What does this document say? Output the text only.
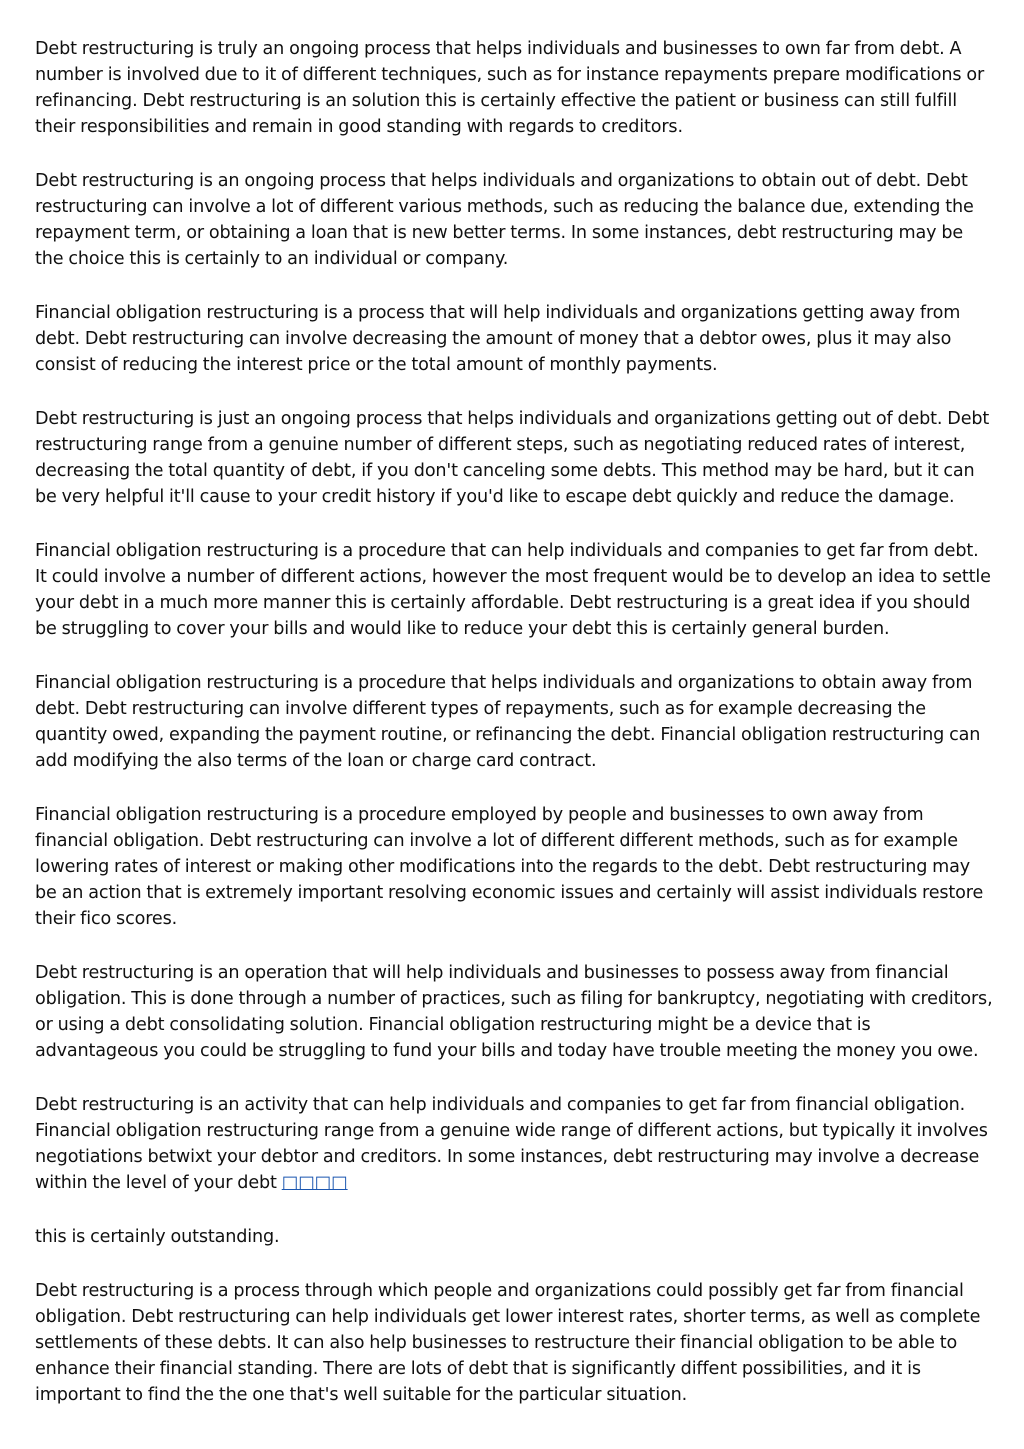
Debt restructuring is truly an ongoing process that helps individuals and businesses to own far from debt. A number is involved due to it of different techniques, such as for instance repayments prepare modifications or refinancing. Debt restructuring is an solution this is certainly effective the patient or business can still fulfill their responsibilities and remain in good standing with regards to creditors.

Debt restructuring is an ongoing process that helps individuals and organizations to obtain out of debt. Debt restructuring can involve a lot of different various methods, such as reducing the balance due, extending the repayment term, or obtaining a loan that is new better terms. In some instances, debt restructuring may be the choice this is certainly to an individual or company.

Financial obligation restructuring is a process that will help individuals and organizations getting away from debt. Debt restructuring can involve decreasing the amount of money that a debtor owes, plus it may also consist of reducing the interest price or the total amount of monthly payments.

Debt restructuring is just an ongoing process that helps individuals and organizations getting out of debt. Debt restructuring range from a genuine number of different steps, such as negotiating reduced rates of interest, decreasing the total quantity of debt, if you don't canceling some debts. This method may be hard, but it can be very helpful it'll cause to your credit history if you'd like to escape debt quickly and reduce the damage.

Financial obligation restructuring is a procedure that can help individuals and companies to get far from debt. It could involve a number of different actions, however the most frequent would be to develop an idea to settle your debt in a much more manner this is certainly affordable. Debt restructuring is a great idea if you should be struggling to cover your bills and would like to reduce your debt this is certainly general burden.

Financial obligation restructuring is a procedure that helps individuals and organizations to obtain away from debt. Debt restructuring can involve different types of repayments, such as for example decreasing the quantity owed, expanding the payment routine, or refinancing the debt. Financial obligation restructuring can add modifying the also terms of the loan or charge card contract.

Financial obligation restructuring is a procedure employed by people and businesses to own away from financial obligation. Debt restructuring can involve a lot of different different methods, such as for example lowering rates of interest or making other modifications into the regards to the debt. Debt restructuring may be an action that is extremely important resolving economic issues and certainly will assist individuals restore their fico scores.

Debt restructuring is an operation that will help individuals and businesses to possess away from financial obligation. This is done through a number of practices, such as filing for bankruptcy, negotiating with creditors, or using a debt consolidating solution. Financial obligation restructuring might be a device that is advantageous you could be struggling to fund your bills and today have trouble meeting the money you owe.

Debt restructuring is an activity that can help individuals and companies to get far from financial obligation. Financial obligation restructuring range from a genuine wide range of different actions, but typically it involves negotiations betwixt your debtor and creditors. In some instances, debt restructuring may involve a decrease within the level of your debt □□□□

this is certainly outstanding.

Debt restructuring is a process through which people and organizations could possibly get far from financial obligation. Debt restructuring can help individuals get lower interest rates, shorter terms, as well as complete settlements of these debts. It can also help businesses to restructure their financial obligation to be able to enhance their financial standing. There are lots of debt that is significantly diffent possibilities, and it is important to find the the one that's well suitable for the particular situation.
